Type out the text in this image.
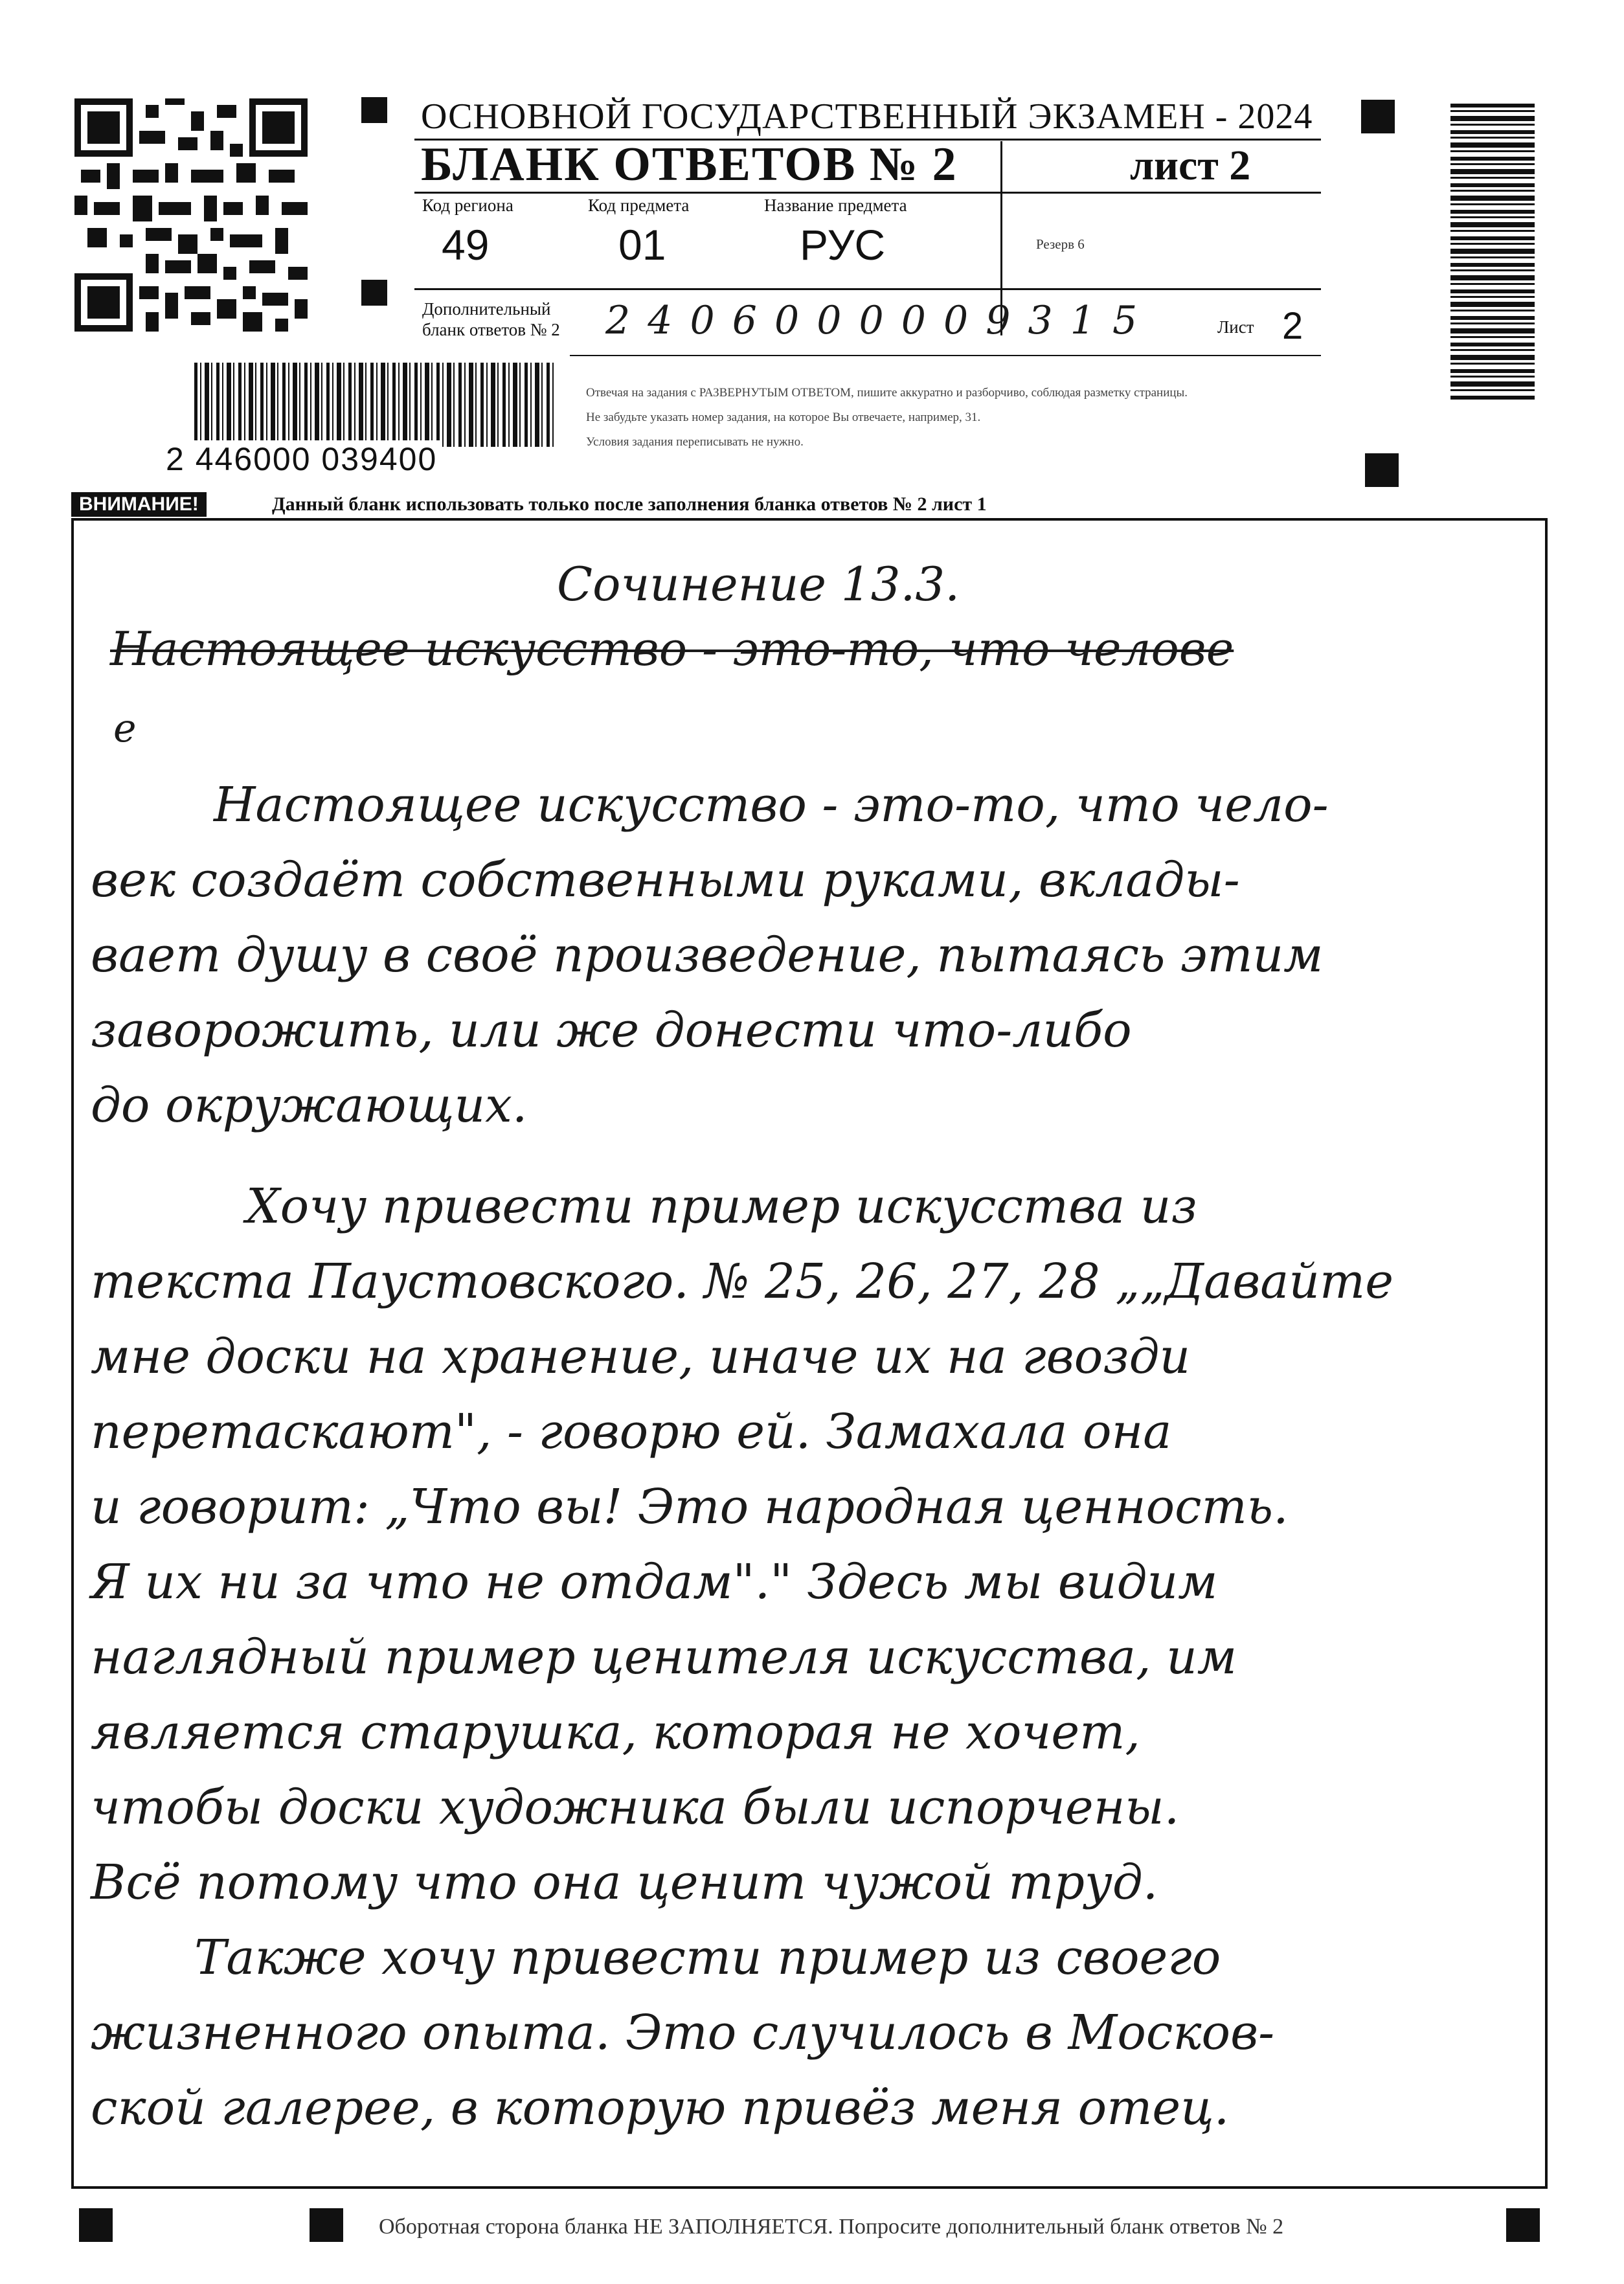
ОСНОВНОЙ ГОСУДАРСТВЕННЫЙ ЭКЗАМЕН - 2024
БЛАНК ОТВЕТОВ № 2	лист 2
Код региона
49
Код предмета
01
Название предмета
РУС	Резерв 6
Дополнительный
бланк ответов № 2 2 4 0 6 0 0 0 0 0 9 3 1 5	Лист 2
2 446000 039400
Отвечая на задания с РАЗВЕРНУТЫМ ОТВЕТОМ, пишите аккуратно и разборчиво, соблюдая разметку страницы.
Не забудьте указать номер задания, на которое Вы отвечаете, например, 31.
Условия задания переписывать не нужно.
ВНИМАНИЕ!	Данный бланк использовать только после заполнения бланка ответов № 2 лист 1
Сочинение 13.3.
Настоящее искусство - это-то, что челове
е
Настоящее искусство - это-то, что чело-
век создаёт собственными руками, вклады-
вает душу в своё произведение, пытаясь этим
заворожить, или же донести что-либо
до окружающих.
Хочу привести пример искусства из
текста Паустовского. № 25, 26, 27, 28 „„Давайте
мне доски на хранение, иначе их на гвозди
перетаскают", - говорю ей. Замахала она
и говорит: „Что вы! Это народная ценность.
Я их ни за что не отдам"." Здесь мы видим
наглядный пример ценителя искусства, им
является старушка, которая не хочет,
чтобы доски художника были испорчены.
Всё потому что она ценит чужой труд.
Также хочу привести пример из своего
жизненного опыта. Это случилось в Москов-
ской галерее, в которую привёз меня отец.
Оборотная сторона бланка НЕ ЗАПОЛНЯЕТСЯ. Попросите дополнительный бланк ответов № 2
